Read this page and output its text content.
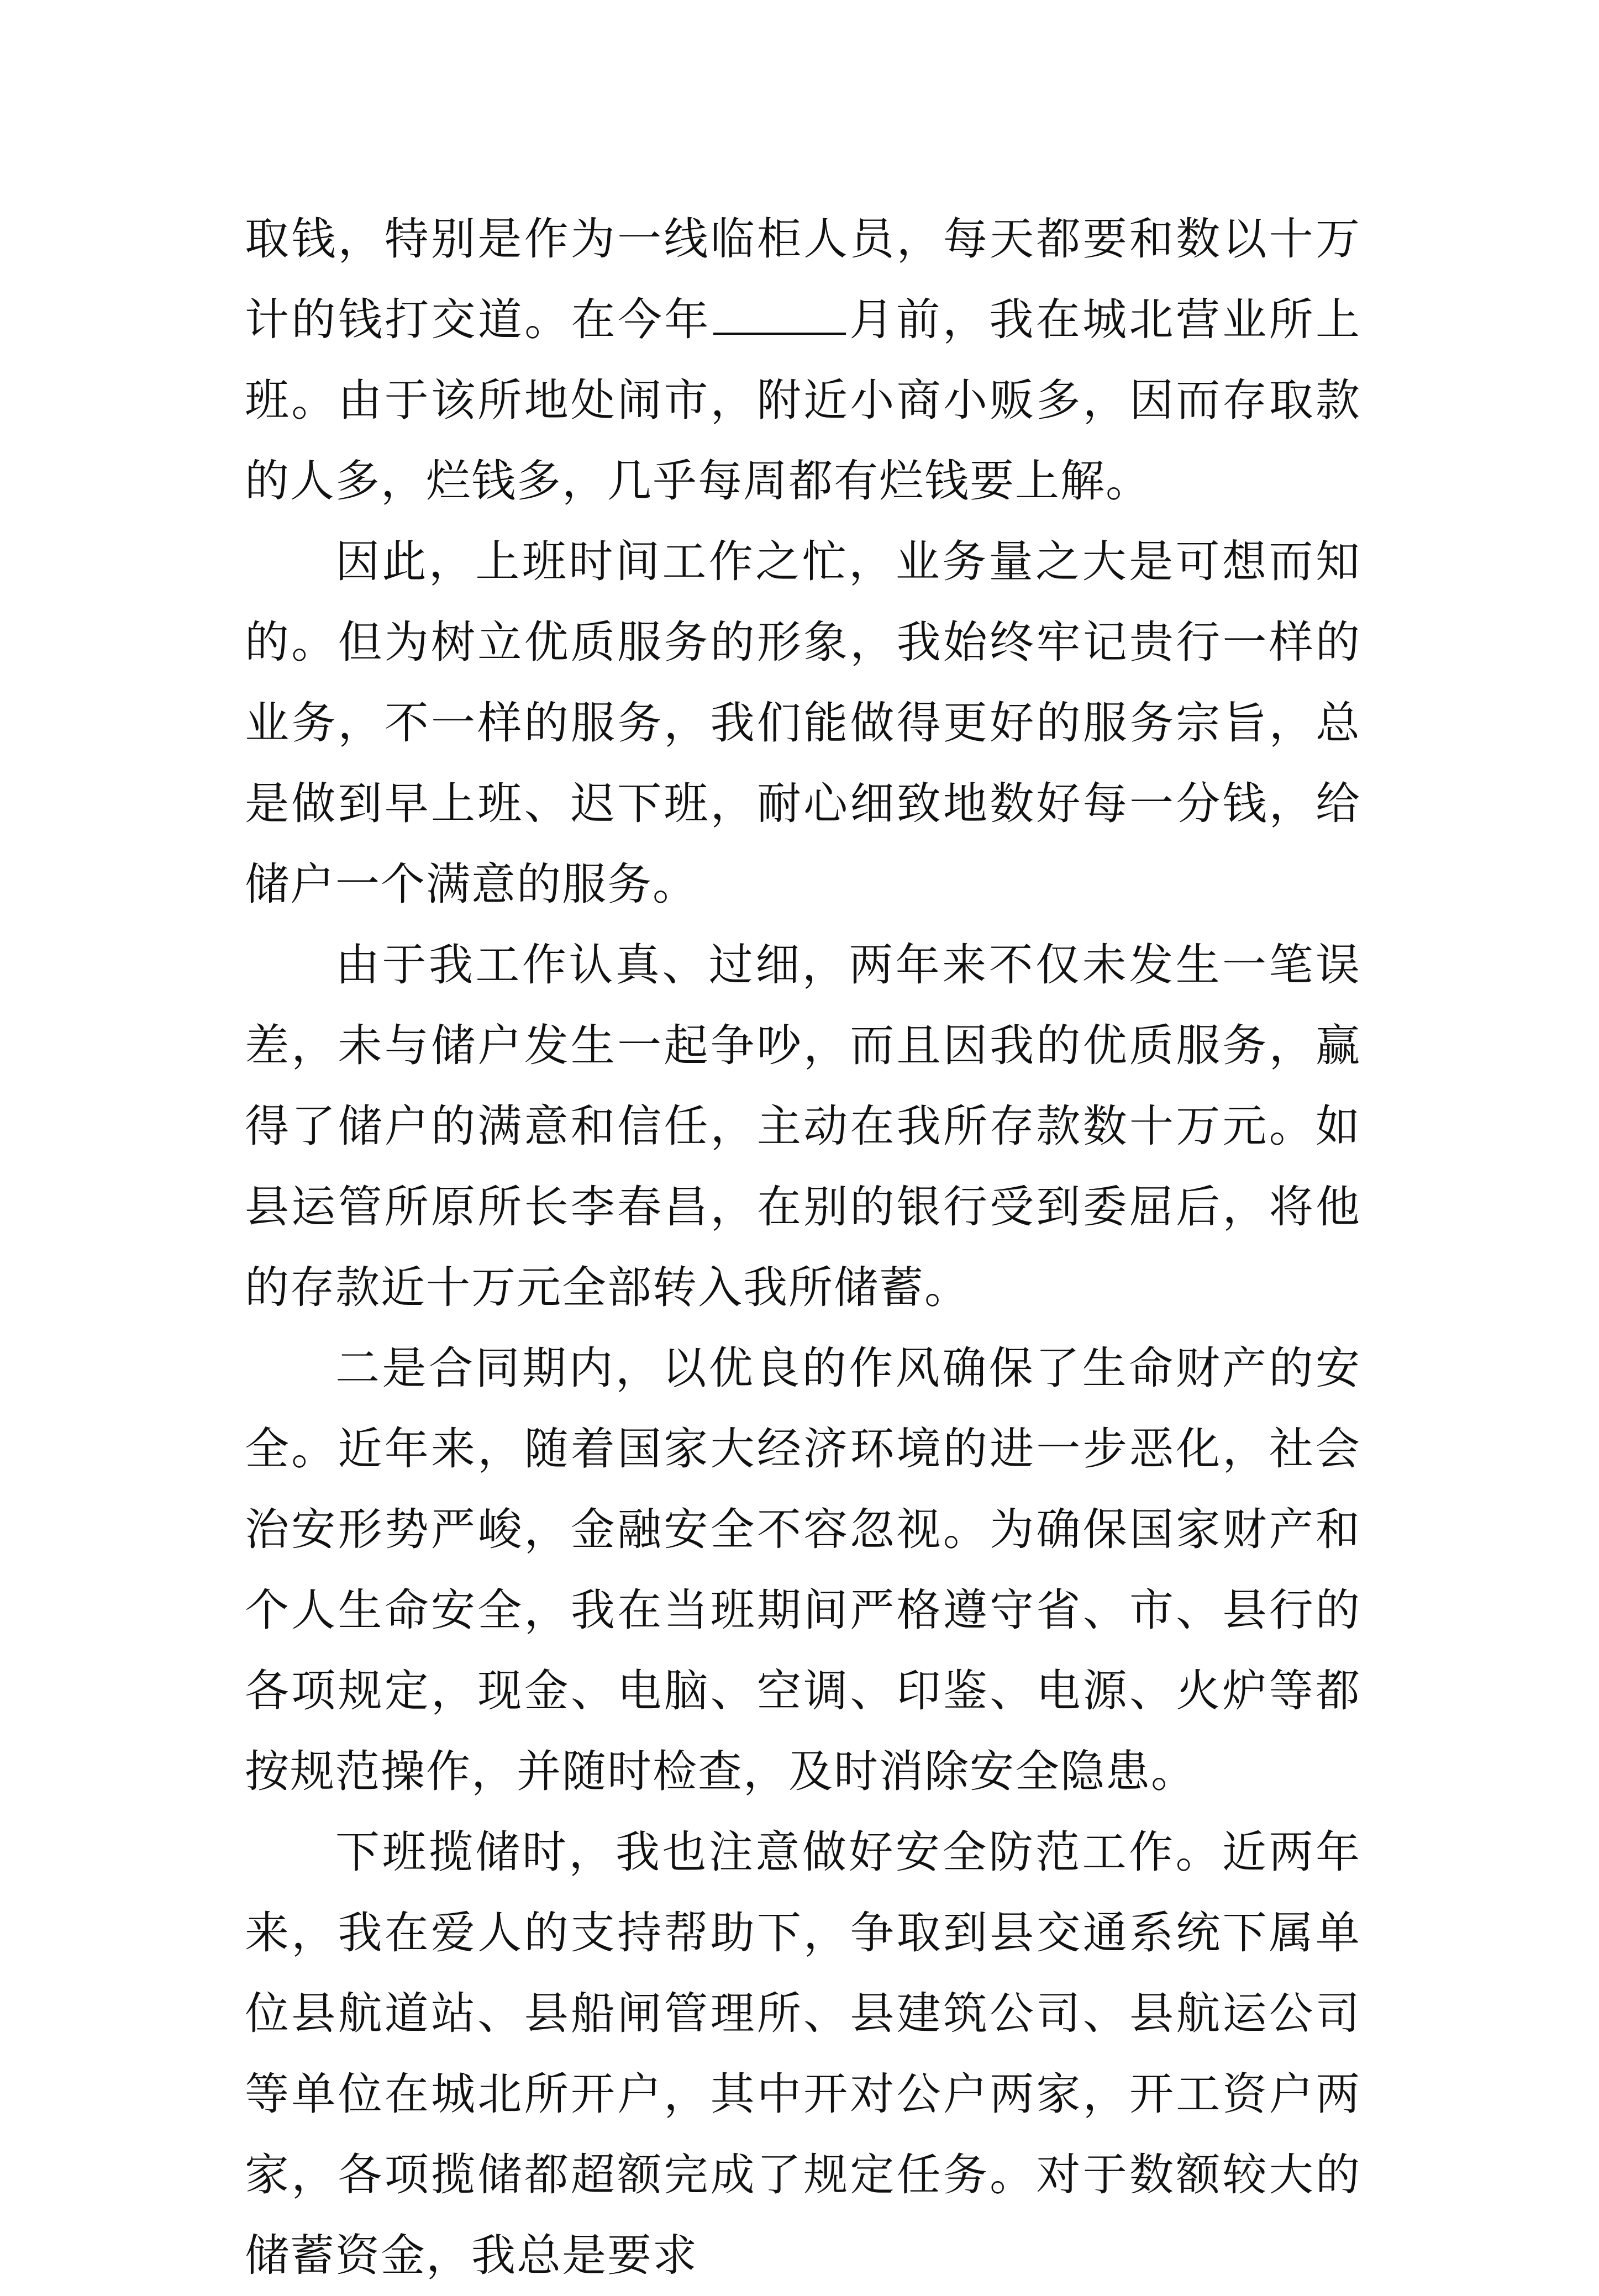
取钱，特别是作为一线临柜人员，每天都要和数以十万计的钱打交道。在今年	月前，我在城北营业所上班。由于该所地处闹市，附近小商小贩多，因而存取款的人多，烂钱多，几乎每周都有烂钱要上解。

因此，上班时间工作之忙，业务量之大是可想而知的。但为树立优质服务的形象，我始终牢记贵行一样的业务，不一样的服务，我们能做得更好的服务宗旨，总是做到早上班、迟下班，耐心细致地数好每一分钱，给储户一个满意的服务。

由于我工作认真、过细，两年来不仅未发生一笔误差，未与储户发生一起争吵，而且因我的优质服务，赢得了储户的满意和信任，主动在我所存款数十万元。如县运管所原所长李春昌，在别的银行受到委屈后，将他的存款近十万元全部转入我所储蓄。

二是合同期内，以优良的作风确保了生命财产的安全。近年来，随着国家大经济环境的进一步恶化，社会治安形势严峻，金融安全不容忽视。为确保国家财产和个人生命安全，我在当班期间严格遵守省、市、县行的各项规定，现金、电脑、空调、印鉴、电源、火炉等都按规范操作，并随时检查，及时消除安全隐患。

下班揽储时，我也注意做好安全防范工作。近两年来，我在爱人的支持帮助下，争取到县交通系统下属单位县航道站、县船闸管理所、县建筑公司、县航运公司等单位在城北所开户，其中开对公户两家，开工资户两家，各项揽储都超额完成了规定任务。对于数额较大的储蓄资金，我总是要求
